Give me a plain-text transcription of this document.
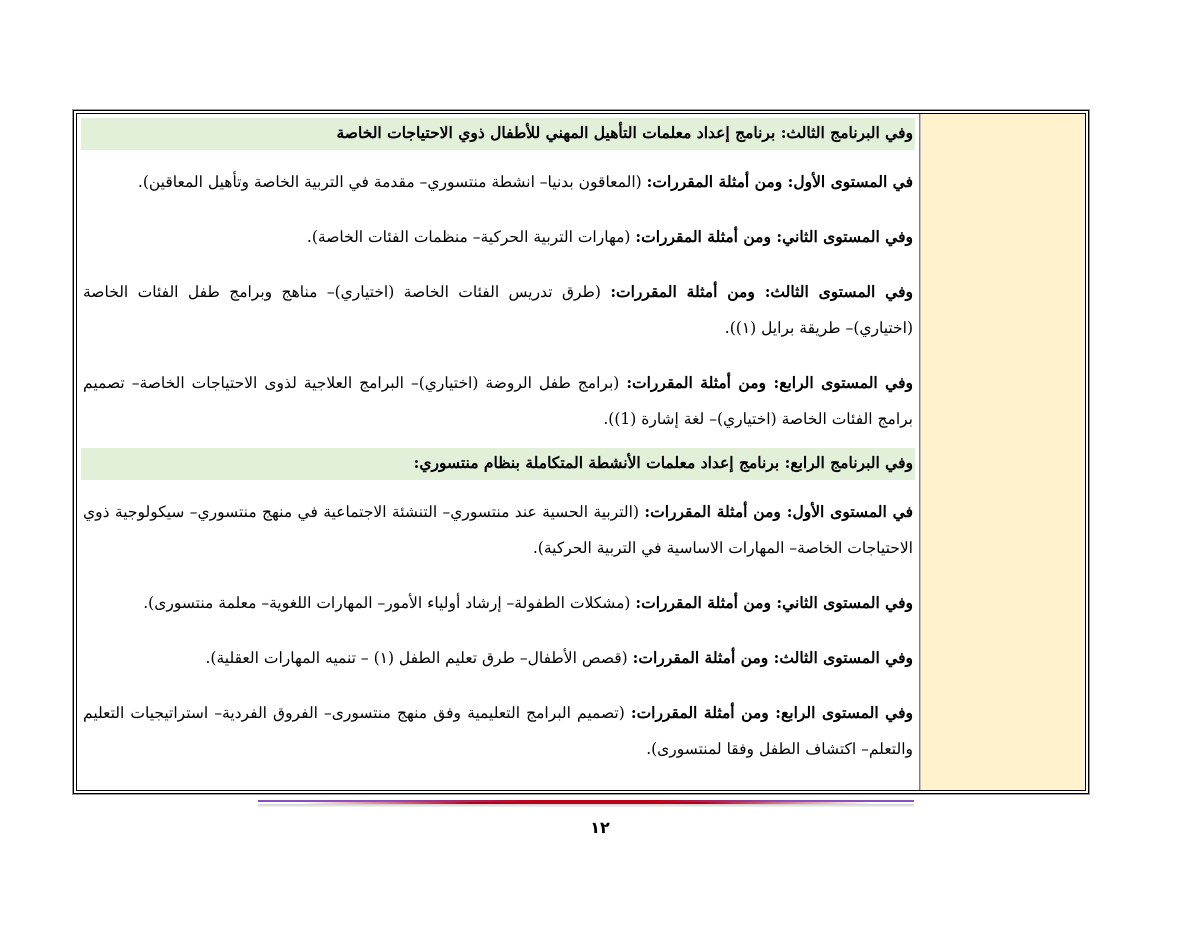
وفي البرنامج الثالث: برنامج إعداد معلمات التأهيل المهني للأطفال ذوي الاحتياجات الخاصة

في المستوى الأول: ومن أمثلة المقررات: (المعاقون بدنيا– انشطة منتسوري– مقدمة في التربية الخاصة وتأهيل المعاقين).

وفي المستوى الثاني: ومن أمثلة المقررات: (مهارات التربية الحركية– منظمات الفئات الخاصة).

وفي المستوى الثالث: ومن أمثلة المقررات: (طرق تدريس الفئات الخاصة (اختياري)– مناهج وبرامج طفل الفئات الخاصة (اختياري)– طريقة برايل (١)).

وفي المستوى الرابع: ومن أمثلة المقررات: (برامج طفل الروضة (اختياري)– البرامج العلاجية لذوى الاحتياجات الخاصة– تصميم برامج الفئات الخاصة (اختياري)– لغة إشارة (1)).

وفي البرنامج الرابع: برنامج إعداد معلمات الأنشطة المتكاملة بنظام منتسوري:

في المستوى الأول: ومن أمثلة المقررات: (التربية الحسية عند منتسوري– التنشئة الاجتماعية في منهج منتسوري– سيكولوجية ذوي الاحتياجات الخاصة– المهارات الاساسية في التربية الحركية).

وفي المستوى الثاني: ومن أمثلة المقررات: (مشكلات الطفولة– إرشاد أولياء الأمور– المهارات اللغوية– معلمة منتسورى).

وفي المستوى الثالث: ومن أمثلة المقررات: (قصص الأطفال– طرق تعليم الطفل (١) – تنميه المهارات العقلية).

وفي المستوى الرابع: ومن أمثلة المقررات: (تصميم البرامج التعليمية وفق منهج منتسورى– الفروق الفردية– استراتيجيات التعليم والتعلم– اكتشاف الطفل وفقا لمنتسورى).

١٢
